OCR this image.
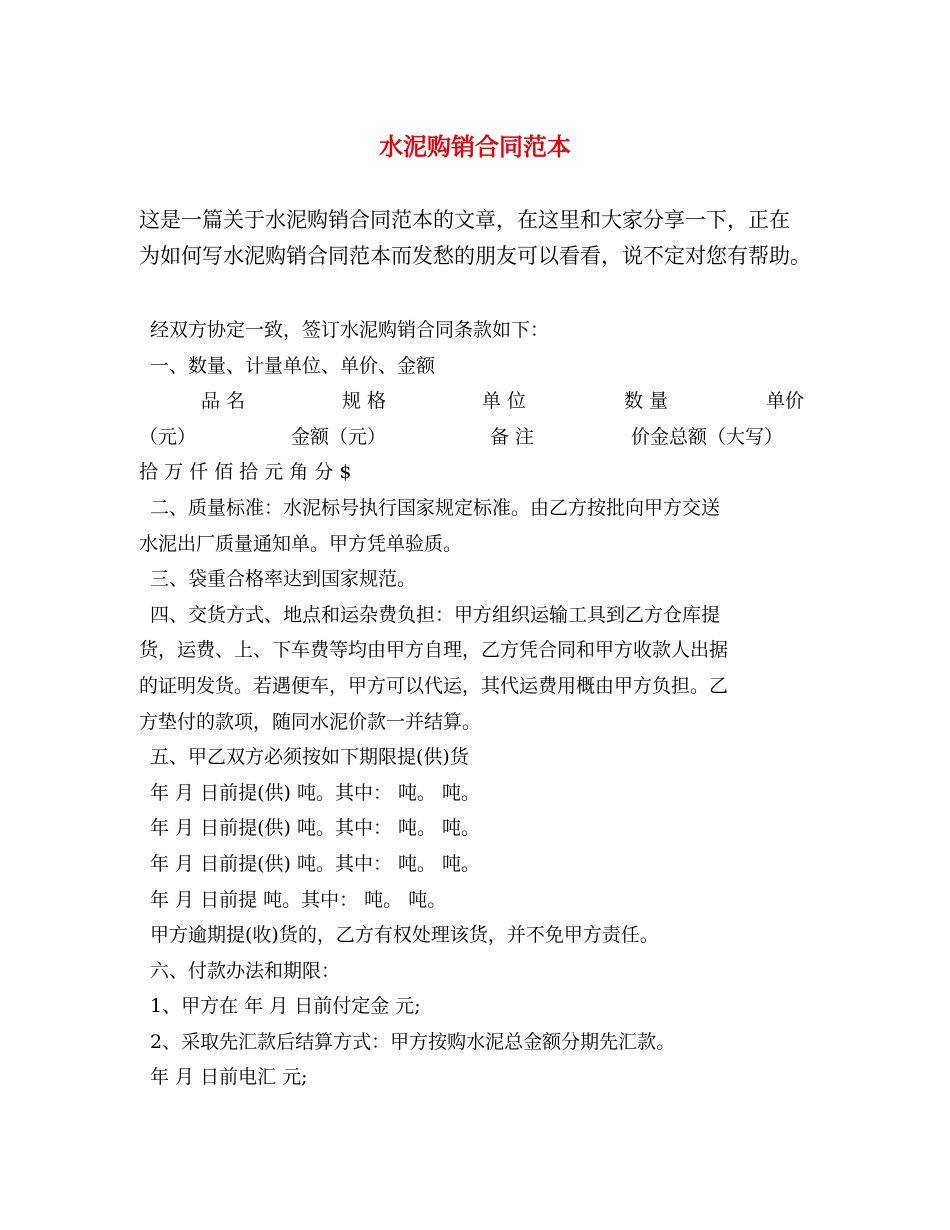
水泥购销合同范本
这是一篇关于水泥购销合同范本的文章，在这里和大家分享一下，正在
为如何写水泥购销合同范本而发愁的朋友可以看看，说不定对您有帮助。
经双方协定一致，签订水泥购销合同条款如下：
一、数量、计量单位、单价、金额
品 名	规 格	单 位	数 量	单价
（元）	金额（元）	备 注	价金总额（大写）
拾 万 仟 佰 拾 元 角 分 $
二、质量标准：水泥标号执行国家规定标准。由乙方按批向甲方交送
水泥出厂质量通知单。甲方凭单验质。
三、袋重合格率达到国家规范。
四、交货方式、地点和运杂费负担：甲方组织运输工具到乙方仓库提
货，运费、上、下车费等均由甲方自理，乙方凭合同和甲方收款人出据
的证明发货。若遇便车，甲方可以代运，其代运费用概由甲方负担。乙
方垫付的款项，随同水泥价款一并结算。
五、甲乙双方必须按如下期限提(供)货
年 月 日前提(供) 吨。其中： 吨。 吨。
年 月 日前提(供) 吨。其中： 吨。 吨。
年 月 日前提(供) 吨。其中： 吨。 吨。
年 月 日前提 吨。其中： 吨。 吨。
甲方逾期提(收)货的，乙方有权处理该货，并不免甲方责任。
六、付款办法和期限：
1、甲方在 年 月 日前付定金 元;
2、采取先汇款后结算方式：甲方按购水泥总金额分期先汇款。
年 月 日前电汇 元;
